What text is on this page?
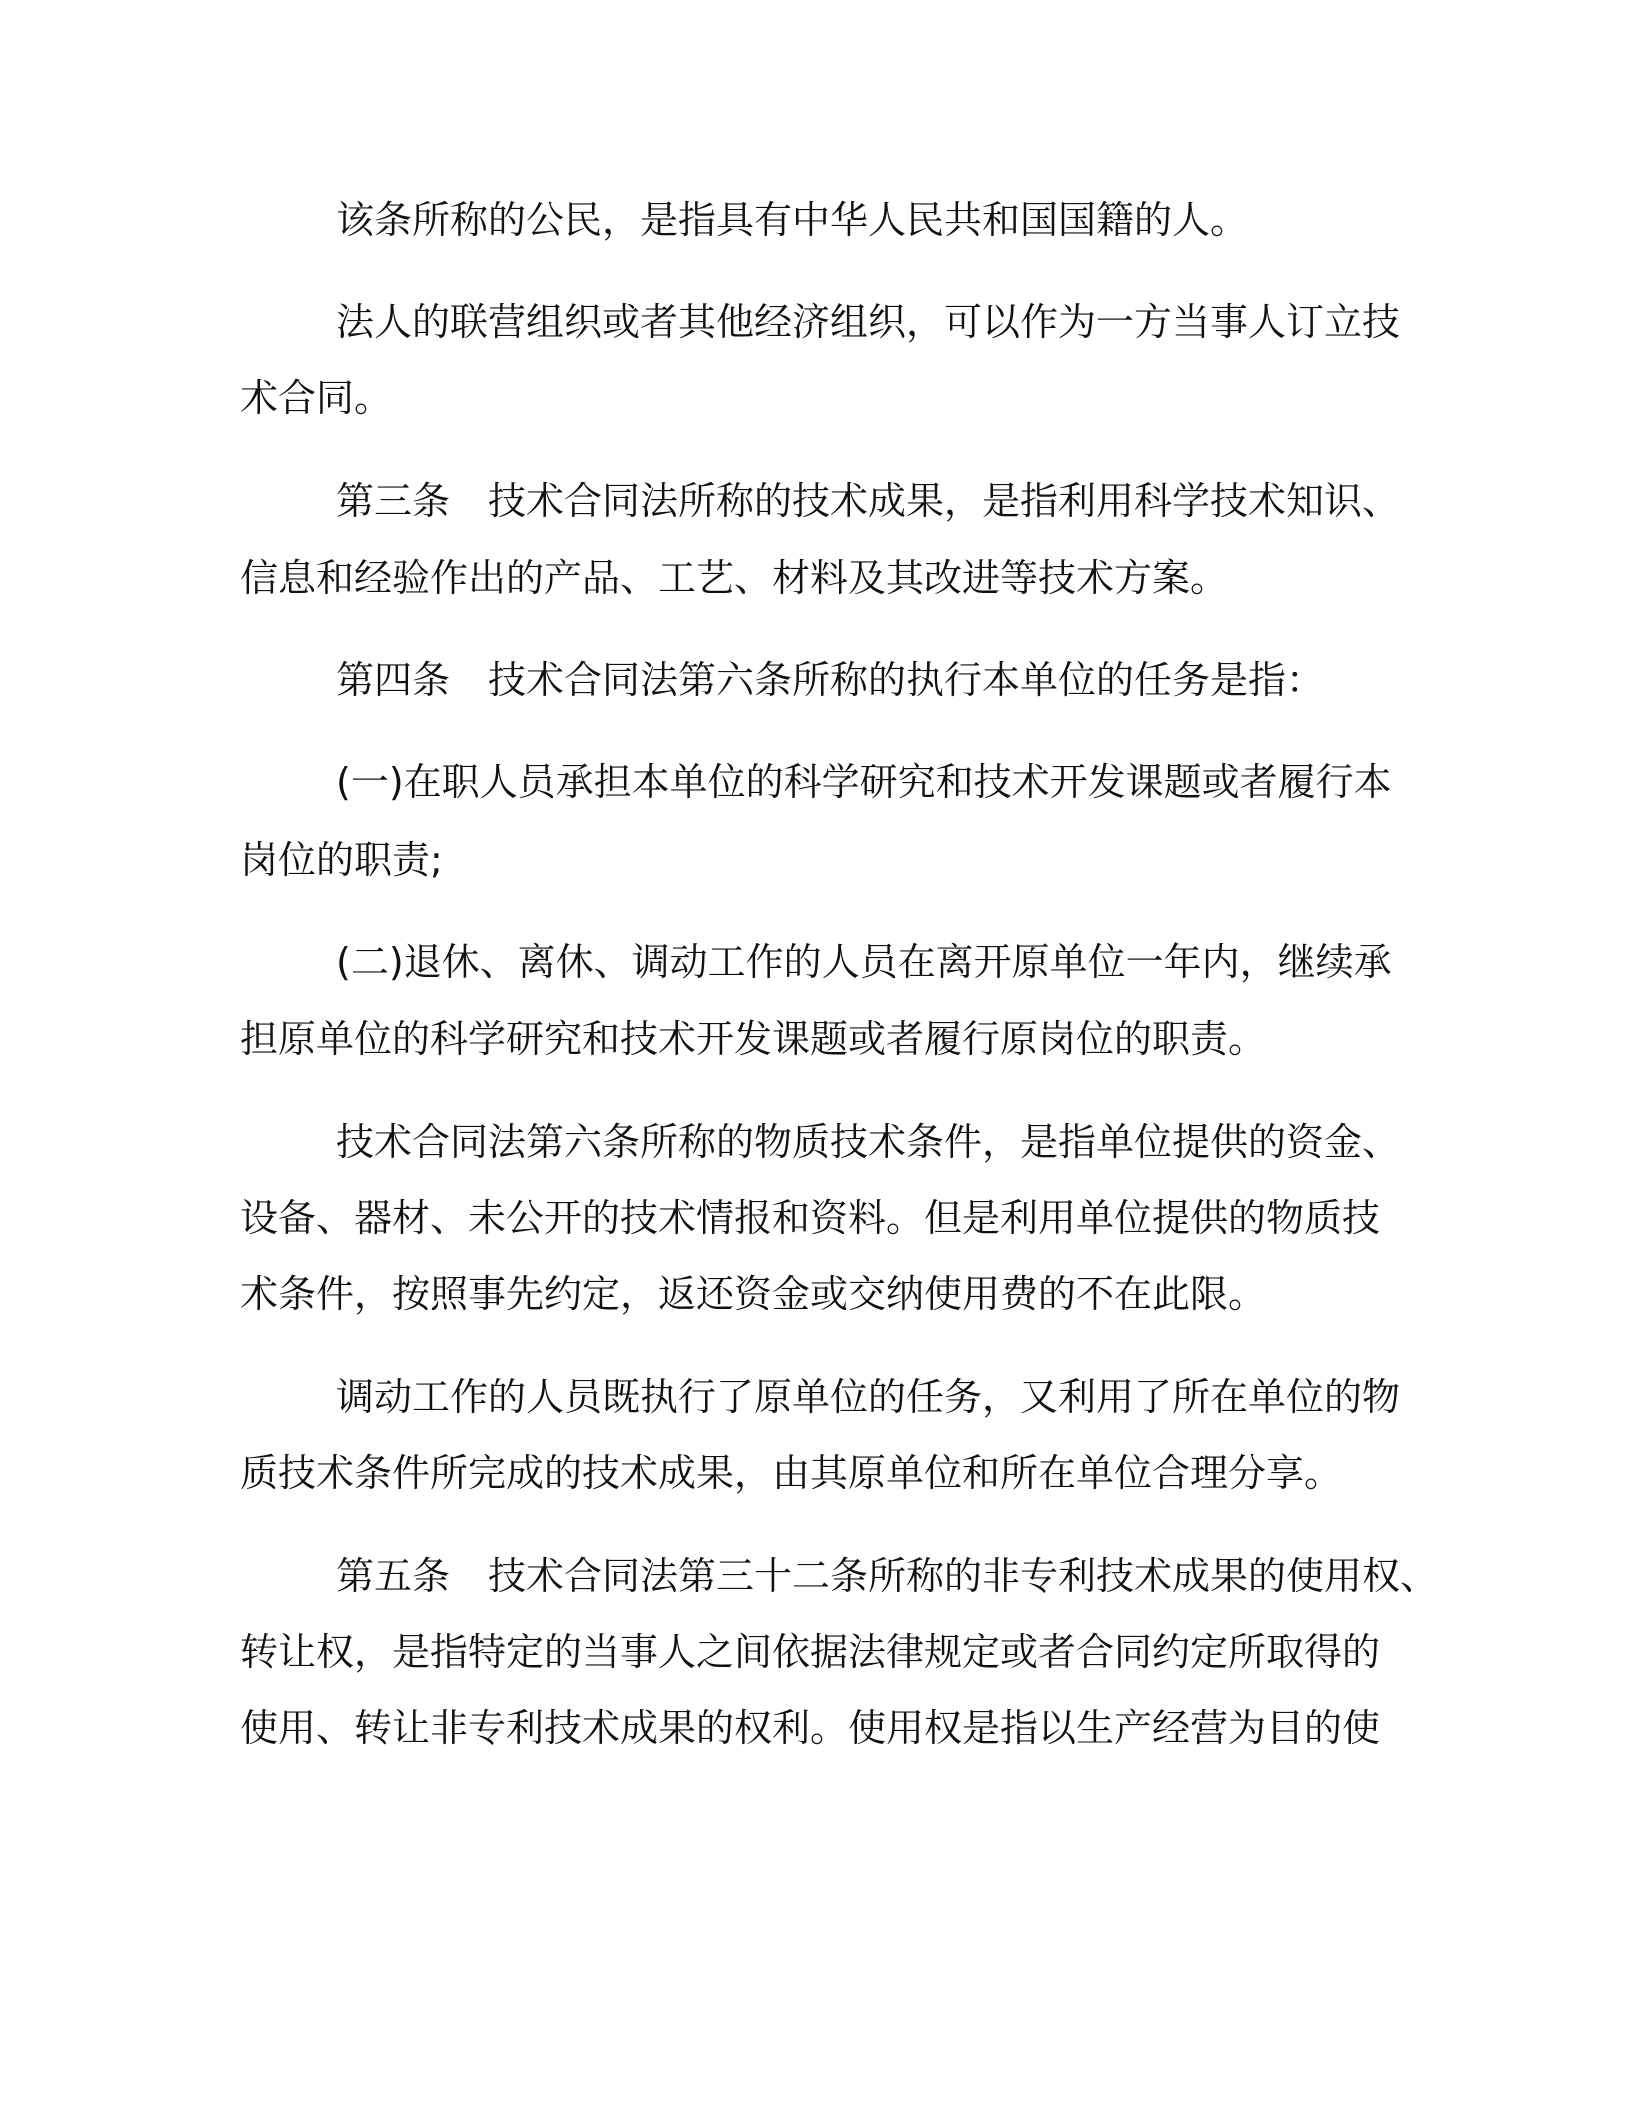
该条所称的公民，是指具有中华人民共和国国籍的人。
法人的联营组织或者其他经济组织，可以作为一方当事人订立技
术合同。
第三条　技术合同法所称的技术成果，是指利用科学技术知识、
信息和经验作出的产品、工艺、材料及其改进等技术方案。
第四条　技术合同法第六条所称的执行本单位的任务是指：
(一)在职人员承担本单位的科学研究和技术开发课题或者履行本
岗位的职责;
(二)退休、离休、调动工作的人员在离开原单位一年内，继续承
担原单位的科学研究和技术开发课题或者履行原岗位的职责。
技术合同法第六条所称的物质技术条件，是指单位提供的资金、
设备、器材、未公开的技术情报和资料。但是利用单位提供的物质技
术条件，按照事先约定，返还资金或交纳使用费的不在此限。
调动工作的人员既执行了原单位的任务，又利用了所在单位的物
质技术条件所完成的技术成果，由其原单位和所在单位合理分享。
第五条　技术合同法第三十二条所称的非专利技术成果的使用权、
转让权，是指特定的当事人之间依据法律规定或者合同约定所取得的
使用、转让非专利技术成果的权利。使用权是指以生产经营为目的使
